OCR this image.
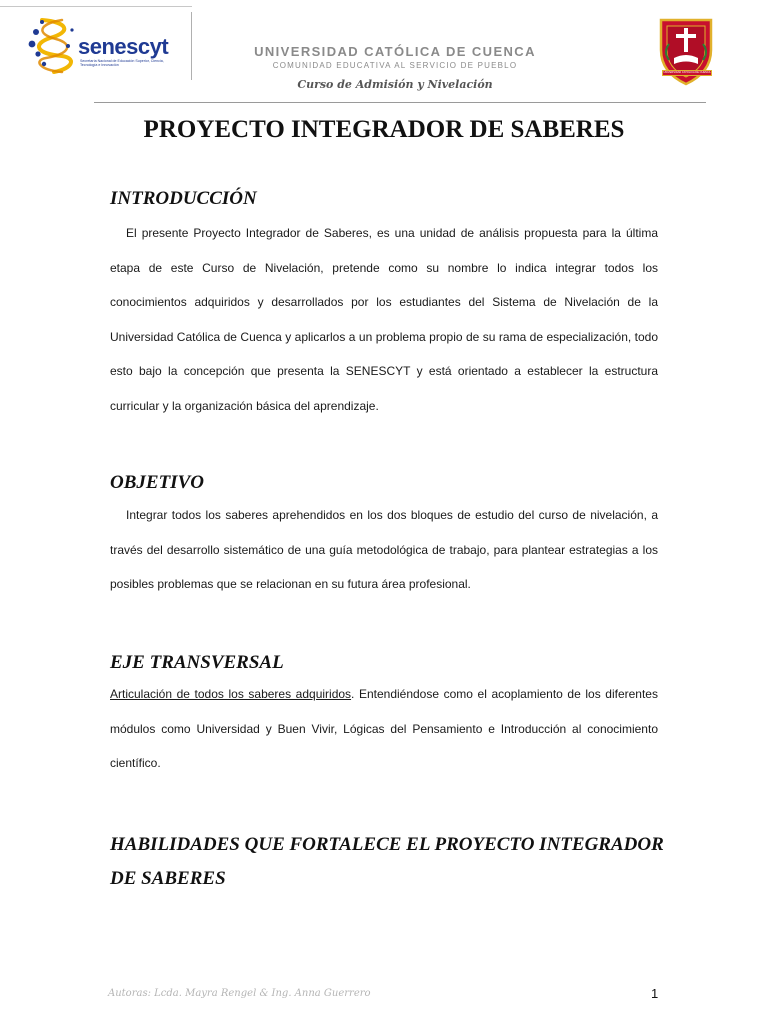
senescyt
Secretaría Nacional de Educación Superior, Ciencia, Tecnología e Innovación
UNIVERSIDAD CATÓLICA DE CUENCA
COMUNIDAD EDUCATIVA AL SERVICIO DE PUEBLO
Curso de Admisión y Nivelación
UNIVERSIDAD CATÓLICA DE CUENCA
PROYECTO INTEGRADOR DE SABERES
INTRODUCCIÓN

El presente Proyecto Integrador de Saberes, es una unidad de análisis propuesta para la última etapa de este Curso de Nivelación, pretende como su nombre lo indica integrar todos los conocimientos adquiridos y desarrollados por los estudiantes del Sistema de Nivelación de la Universidad Católica de Cuenca y aplicarlos a un problema propio de su rama de especialización, todo esto bajo la concepción que presenta la SENESCYT y está orientado a establecer la estructura curricular y la organización básica del aprendizaje.

OBJETIVO

Integrar todos los saberes aprehendidos en los dos bloques de estudio del curso de nivelación, a través del desarrollo sistemático de una guía metodológica de trabajo, para plantear estrategias a los posibles problemas que se relacionan en su futura área profesional.

EJE TRANSVERSAL

Articulación de todos los saberes adquiridos. Entendiéndose como el acoplamiento de los diferentes módulos como Universidad y Buen Vivir, Lógicas del Pensamiento e Introducción al conocimiento científico.

HABILIDADES QUE FORTALECE EL PROYECTO INTEGRADOR DE SABERES
Autoras: Lcda. Mayra Rengel & Ing. Anna Guerrero	1
